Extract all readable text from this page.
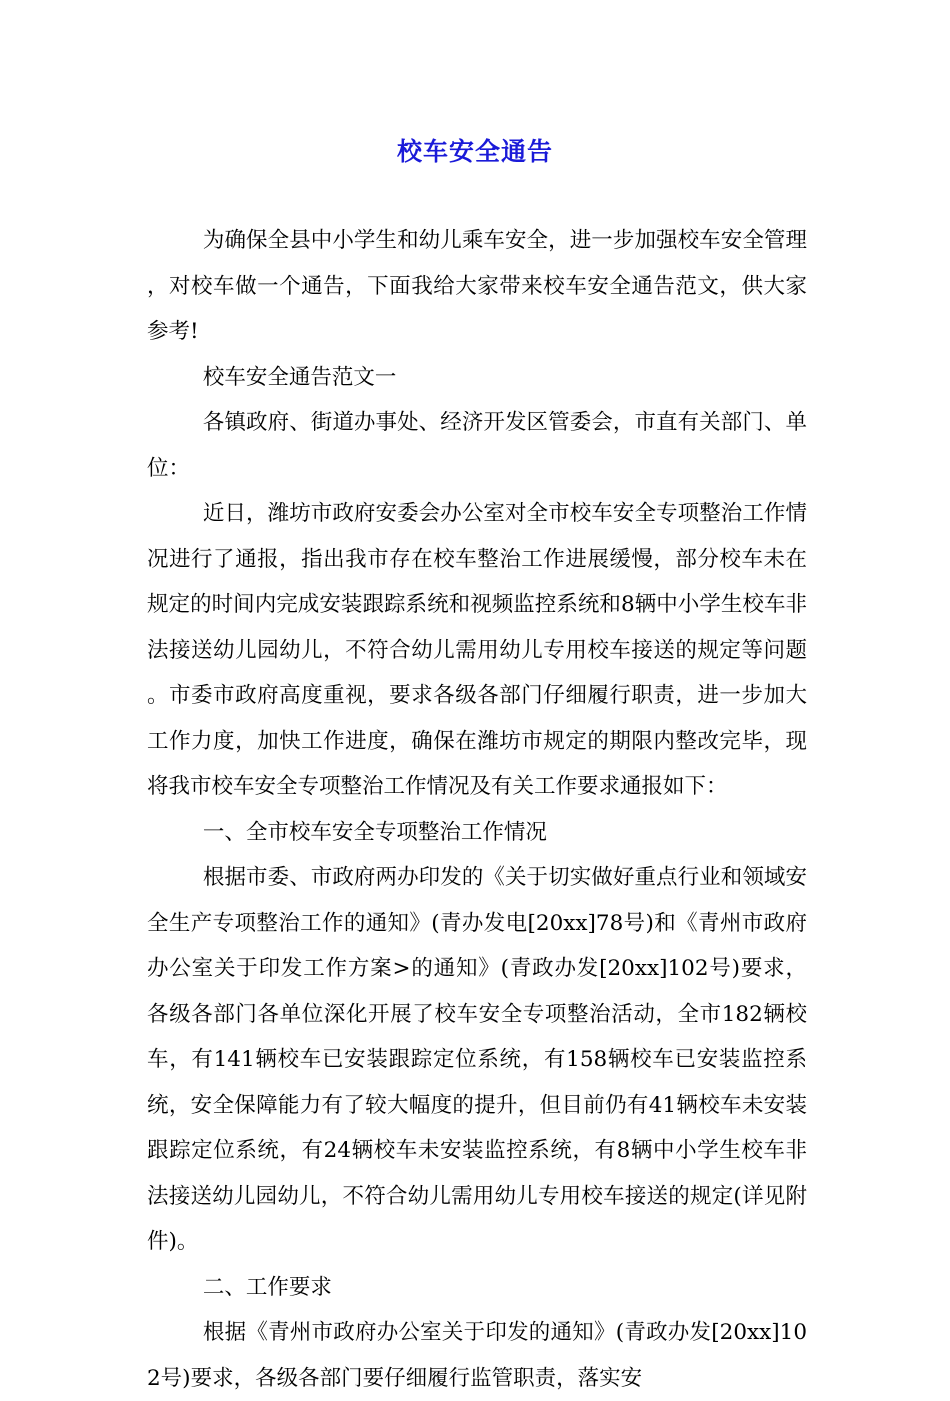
校车安全通告

为确保全县中小学生和幼儿乘车安全，进一步加强校车安全管理，对校车做一个通告，下面我给大家带来校车安全通告范文，供大家参考!

校车安全通告范文一

各镇政府、街道办事处、经济开发区管委会，市直有关部门、单位：

近日，潍坊市政府安委会办公室对全市校车安全专项整治工作情况进行了通报，指出我市存在校车整治工作进展缓慢，部分校车未在规定的时间内完成安装跟踪系统和视频监控系统和8辆中小学生校车非法接送幼儿园幼儿，不符合幼儿需用幼儿专用校车接送的规定等问题。市委市政府高度重视，要求各级各部门仔细履行职责，进一步加大工作力度，加快工作进度，确保在潍坊市规定的期限内整改完毕，现将我市校车安全专项整治工作情况及有关工作要求通报如下：

一、全市校车安全专项整治工作情况

根据市委、市政府两办印发的《关于切实做好重点行业和领域安全生产专项整治工作的通知》(青办发电[20xx]78号)和《青州市政府办公室关于印发工作方案>的通知》(青政办发[20xx]102号)要求，各级各部门各单位深化开展了校车安全专项整治活动，全市182辆校车，有141辆校车已安装跟踪定位系统，有158辆校车已安装监控系统，安全保障能力有了较大幅度的提升，但目前仍有41辆校车未安装跟踪定位系统，有24辆校车未安装监控系统，有8辆中小学生校车非法接送幼儿园幼儿，不符合幼儿需用幼儿专用校车接送的规定(详见附件)。

二、工作要求

根据《青州市政府办公室关于印发的通知》(青政办发[20xx]102号)要求，各级各部门要仔细履行监管职责，落实安
